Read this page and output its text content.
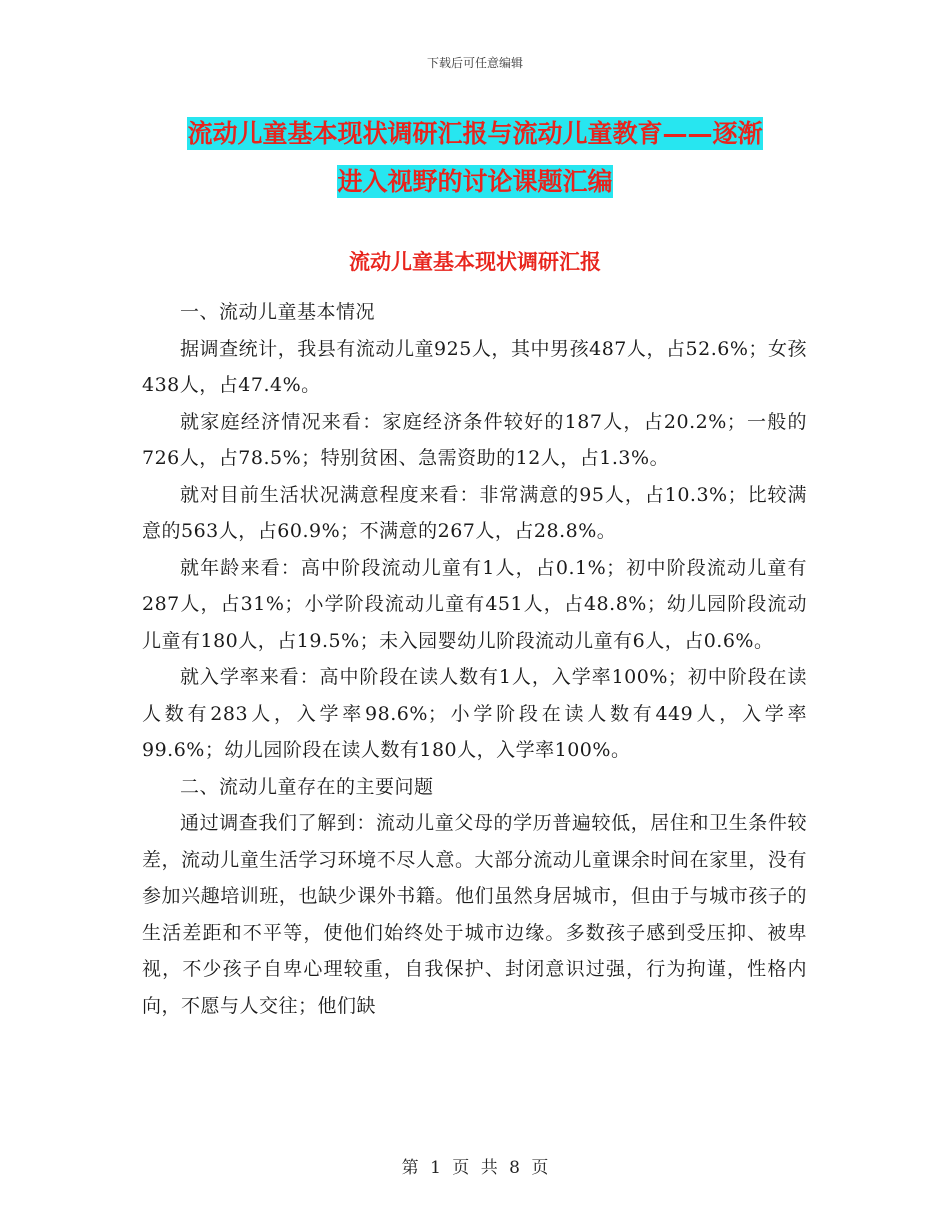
下载后可任意编辑
流动儿童基本现状调研汇报与流动儿童教育——逐渐
进入视野的讨论课题汇编
流动儿童基本现状调研汇报

一、流动儿童基本情况

据调查统计，我县有流动儿童925人，其中男孩487人，占52.6%；女孩438人，占47.4%。

就家庭经济情况来看：家庭经济条件较好的187人，占20.2%；一般的726人，占78.5%；特别贫困、急需资助的12人，占1.3%。

就对目前生活状况满意程度来看：非常满意的95人，占10.3%；比较满意的563人，占60.9%；不满意的267人，占28.8%。

就年龄来看：高中阶段流动儿童有1人，占0.1%；初中阶段流动儿童有287人，占31%；小学阶段流动儿童有451人，占48.8%；幼儿园阶段流动儿童有180人，占19.5%；未入园婴幼儿阶段流动儿童有6人，占0.6%。

就入学率来看：高中阶段在读人数有1人，入学率100%；初中阶段在读人数有283人，入学率98.6%；小学阶段在读人数有449人，入学率99.6%；幼儿园阶段在读人数有180人，入学率100%。

二、流动儿童存在的主要问题

通过调查我们了解到：流动儿童父母的学历普遍较低，居住和卫生条件较差，流动儿童生活学习环境不尽人意。大部分流动儿童课余时间在家里，没有参加兴趣培训班，也缺少课外书籍。他们虽然身居城市，但由于与城市孩子的生活差距和不平等，使他们始终处于城市边缘。多数孩子感到受压抑、被卑视，不少孩子自卑心理较重，自我保护、封闭意识过强，行为拘谨，性格内向，不愿与人交往；他们缺

第 1 页 共 8 页
